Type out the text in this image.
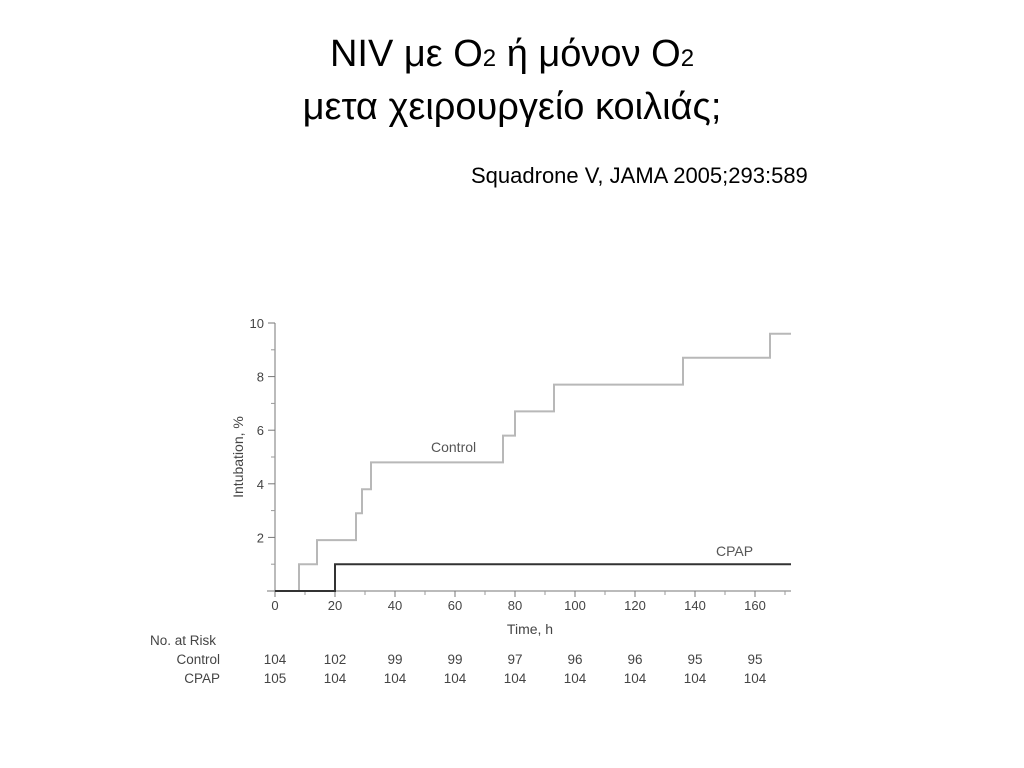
NIV με O2 ή μόνον O2
μετα χειρουργείο κοιλιάς;
Squadrone V, JAMA 2005;293:589
0	20	40	60	80	100	120	140	160
2
4
6
8
10
Time, h
Intubation, %	Control
CPAP
No. at Risk
Control	104	102	99	99	97	96	96	95	95
CPAP	105	104	104	104	104	104	104	104	104
